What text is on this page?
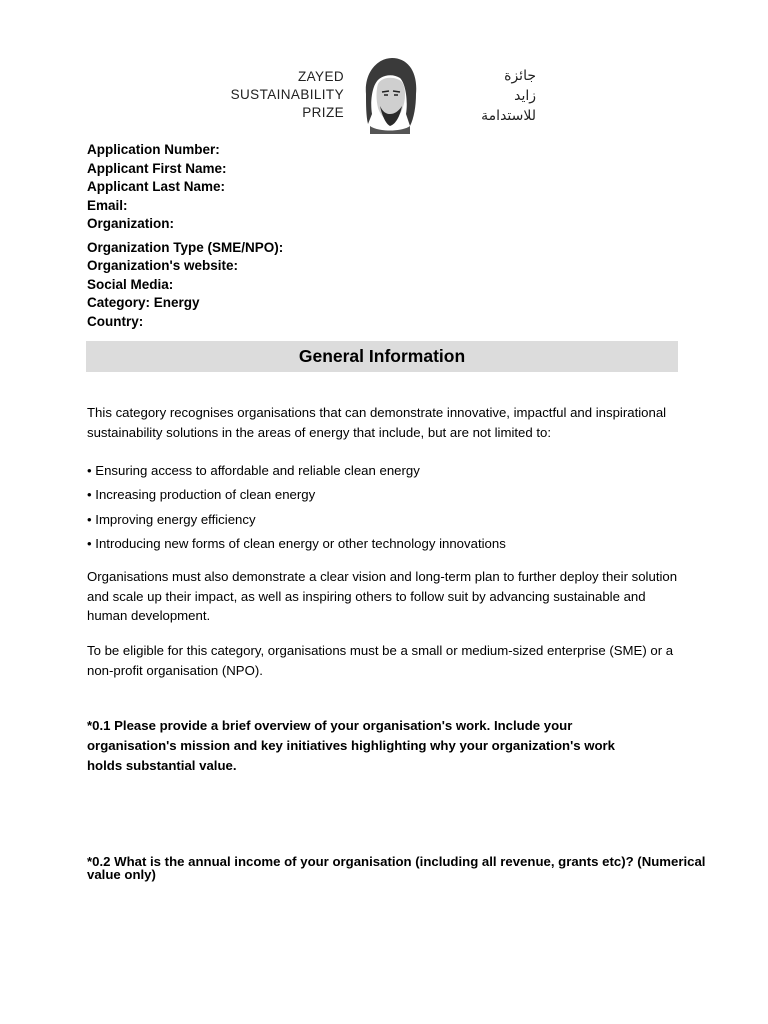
ZAYED
SUSTAINABILITY
PRIZE
جائزة
زايد
للاستدامة
Application Number:
Applicant First Name:
Applicant Last Name:
Email:
Organization:
Organization Type (SME/NPO):
Organization's website:
Social Media:
Category: Energy
Country:
General Information
This category recognises organisations that can demonstrate innovative, impactful and inspirational sustainability solutions in the areas of energy that include, but are not limited to:
• Ensuring access to affordable and reliable clean energy
• Increasing production of clean energy
• Improving energy efficiency
• Introducing new forms of clean energy or other technology innovations
Organisations must also demonstrate a clear vision and long-term plan to further deploy their solution and scale up their impact, as well as inspiring others to follow suit by advancing sustainable and human development.
To be eligible for this category, organisations must be a small or medium-sized enterprise (SME) or a non-profit organisation (NPO).
*0.1 Please provide a brief overview of your organisation's work. Include your organisation's mission and key initiatives highlighting why your organization's work holds substantial value.
*0.2 What is the annual income of your organisation (including all revenue, grants etc)? (Numerical value only)
